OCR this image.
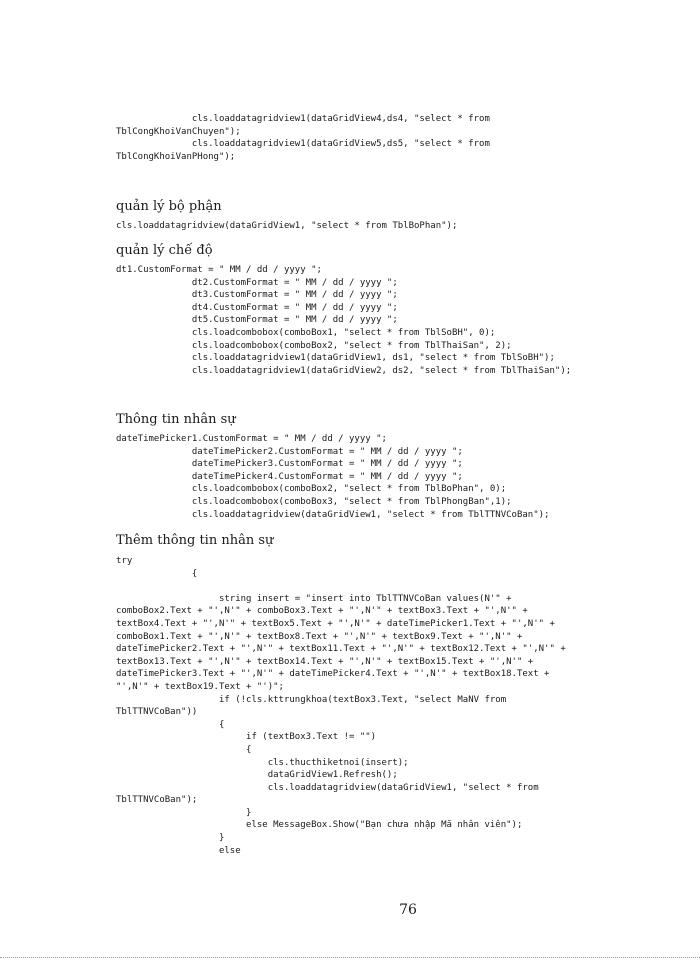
cls.loaddatagridview1(dataGridView4,ds4, "select * from
TblCongKhoiVanChuyen");
cls.loaddatagridview1(dataGridView5,ds5, "select * from
TblCongKhoiVanPHong");
quản lý bộ phận
cls.loaddatagridview(dataGridView1, "select * from TblBoPhan");
quản lý chế độ
dt1.CustomFormat = " MM / dd / yyyy ";
dt2.CustomFormat = " MM / dd / yyyy ";
dt3.CustomFormat = " MM / dd / yyyy ";
dt4.CustomFormat = " MM / dd / yyyy ";
dt5.CustomFormat = " MM / dd / yyyy ";
cls.loadcombobox(comboBox1, "select * from TblSoBH", 0);
cls.loadcombobox(comboBox2, "select * from TblThaiSan", 2);
cls.loaddatagridview1(dataGridView1, ds1, "select * from TblSoBH");
cls.loaddatagridview1(dataGridView2, ds2, "select * from TblThaiSan");
Thông tin nhân sự
dateTimePicker1.CustomFormat = " MM / dd / yyyy ";
dateTimePicker2.CustomFormat = " MM / dd / yyyy ";
dateTimePicker3.CustomFormat = " MM / dd / yyyy ";
dateTimePicker4.CustomFormat = " MM / dd / yyyy ";
cls.loadcombobox(comboBox2, "select * from TblBoPhan", 0);
cls.loadcombobox(comboBox3, "select * from TblPhongBan",1);
cls.loaddatagridview(dataGridView1, "select * from TblTTNVCoBan");
Thêm thông tin nhân sự
try
{

string insert = "insert into TblTTNVCoBan values(N'" +
comboBox2.Text + "',N'" + comboBox3.Text + "',N'" + textBox3.Text + "',N'" +
textBox4.Text + "',N'" + textBox5.Text + "',N'" + dateTimePicker1.Text + "',N'" +
comboBox1.Text + "',N'" + textBox8.Text + "',N'" + textBox9.Text + "',N'" +
dateTimePicker2.Text + "',N'" + textBox11.Text + "',N'" + textBox12.Text + "',N'" +
textBox13.Text + "',N'" + textBox14.Text + "',N'" + textBox15.Text + "',N'" +
dateTimePicker3.Text + "',N'" + dateTimePicker4.Text + "',N'" + textBox18.Text +
"',N'" + textBox19.Text + "')";
if (!cls.kttrungkhoa(textBox3.Text, "select MaNV from
TblTTNVCoBan"))
{
if (textBox3.Text != "")
{
cls.thucthiketnoi(insert);
dataGridView1.Refresh();
cls.loaddatagridview(dataGridView1, "select * from
TblTTNVCoBan");
}
else MessageBox.Show("Bạn chưa nhập Mã nhân viên");
}
else
76
